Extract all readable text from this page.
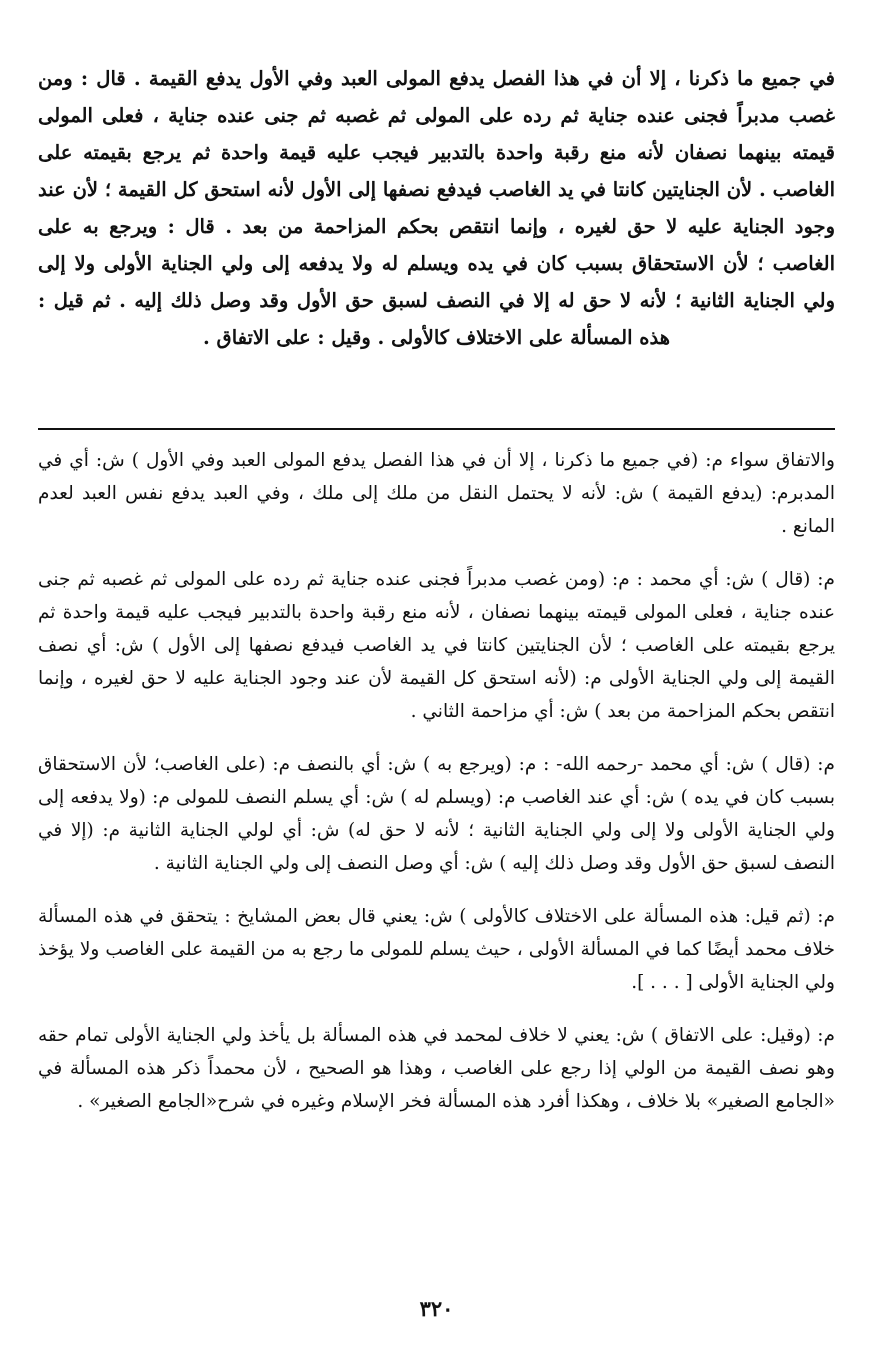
في جميع ما ذكرنا ، إلا أن في هذا الفصل يدفع المولى العبد وفي الأول يدفع القيمة . قال : ومن غصب مدبراً فجنى عنده جناية ثم رده على المولى ثم غصبه ثم جنى عنده جناية ، فعلى المولى قيمته بينهما نصفان لأنه منع رقبة واحدة بالتدبير فيجب عليه قيمة واحدة ثم يرجع بقيمته على الغاصب . لأن الجنايتين كانتا في يد الغاصب فيدفع نصفها إلى الأول لأنه استحق كل القيمة ؛ لأن عند وجود الجناية عليه لا حق لغيره ، وإنما انتقص بحكم المزاحمة من بعد . قال : ويرجع به على الغاصب ؛ لأن الاستحقاق بسبب كان في يده ويسلم له ولا يدفعه إلى ولي الجناية الأولى ولا إلى ولي الجناية الثانية ؛ لأنه لا حق له إلا في النصف لسبق حق الأول وقد وصل ذلك إليه . ثم قيل : هذه المسألة على الاختلاف كالأولى . وقيل : على الاتفاق .

والاتفاق سواء م: (في جميع ما ذكرنا ، إلا أن في هذا الفصل يدفع المولى العبد وفي الأول ) ش: أي في المدبرم: (يدفع القيمة ) ش: لأنه لا يحتمل النقل من ملك إلى ملك ، وفي العبد يدفع نفس العبد لعدم المانع .

م: (قال ) ش: أي محمد : م: (ومن غصب مدبراً فجنى عنده جناية ثم رده على المولى ثم غصبه ثم جنى عنده جناية ، فعلى المولى قيمته بينهما نصفان ، لأنه منع رقبة واحدة بالتدبير فيجب عليه قيمة واحدة ثم يرجع بقيمته على الغاصب ؛ لأن الجنايتين كانتا في يد الغاصب فيدفع نصفها إلى الأول ) ش: أي نصف القيمة إلى ولي الجناية الأولى م: (لأنه استحق كل القيمة لأن عند وجود الجناية عليه لا حق لغيره ، وإنما انتقص بحكم المزاحمة من بعد ) ش: أي مزاحمة الثاني .

م: (قال ) ش: أي محمد -رحمه الله- : م: (ويرجع به ) ش: أي بالنصف م: (على الغاصب؛ لأن الاستحقاق بسبب كان في يده ) ش: أي عند الغاصب م: (ويسلم له ) ش: أي يسلم النصف للمولى م: (ولا يدفعه إلى ولي الجناية الأولى ولا إلى ولي الجناية الثانية ؛ لأنه لا حق له) ش: أي لولي الجناية الثانية م: (إلا في النصف لسبق حق الأول وقد وصل ذلك إليه ) ش: أي وصل النصف إلى ولي الجناية الثانية .

م: (ثم قيل: هذه المسألة على الاختلاف كالأولى ) ش: يعني قال بعض المشايخ : يتحقق في هذه المسألة خلاف محمد أيضًا كما في المسألة الأولى ، حيث يسلم للمولى ما رجع به من القيمة على الغاصب ولا يؤخذ ولي الجناية الأولى [ . . . ].

م: (وقيل: على الاتفاق ) ش: يعني لا خلاف لمحمد في هذه المسألة بل يأخذ ولي الجناية الأولى تمام حقه وهو نصف القيمة من الولي إذا رجع على الغاصب ، وهذا هو الصحيح ، لأن محمداً ذكر هذه المسألة في «الجامع الصغير» بلا خلاف ، وهكذا أفرد هذه المسألة فخر الإسلام وغيره في شرح«الجامع الصغير» .

٣٢٠
